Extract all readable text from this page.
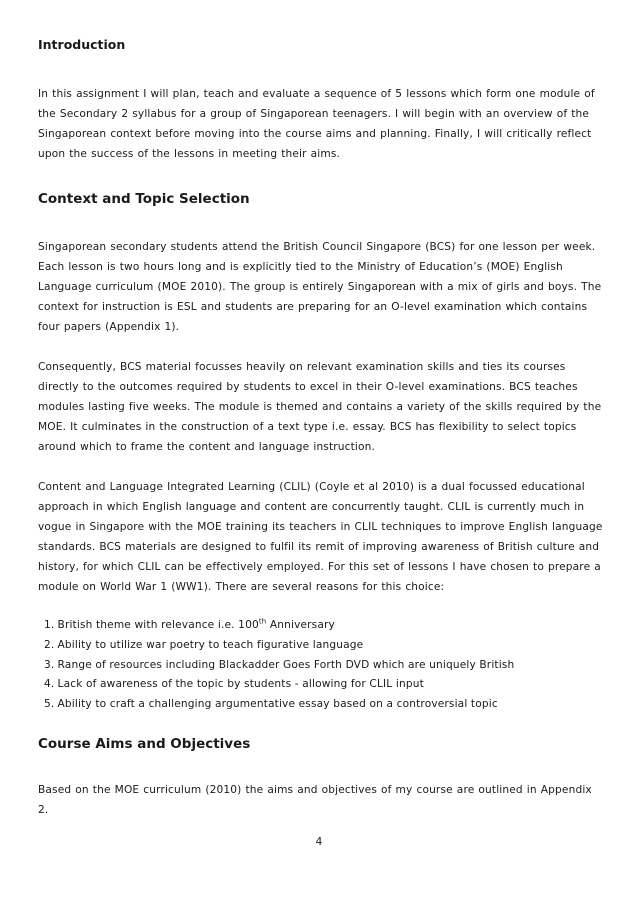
Introduction

In this assignment I will plan, teach and evaluate a sequence of 5 lessons which form one module of the Secondary 2 syllabus for a group of Singaporean teenagers. I will begin with an overview of the Singaporean context before moving into the course aims and planning. Finally, I will critically reflect upon the success of the lessons in meeting their aims.

Context and Topic Selection

Singaporean secondary students attend the British Council Singapore (BCS) for one lesson per week. Each lesson is two hours long and is explicitly tied to the Ministry of Education’s (MOE) English Language curriculum (MOE 2010). The group is entirely Singaporean with a mix of girls and boys. The context for instruction is ESL and students are preparing for an O-level examination which contains four papers (Appendix 1).

Consequently, BCS material focusses heavily on relevant examination skills and ties its courses directly to the outcomes required by students to excel in their O-level examinations. BCS teaches modules lasting five weeks. The module is themed and contains a variety of the skills required by the MOE. It culminates in the construction of a text type i.e. essay. BCS has flexibility to select topics around which to frame the content and language instruction.

Content and Language Integrated Learning (CLIL) (Coyle et al 2010) is a dual focussed educational approach in which English language and content are concurrently taught. CLIL is currently much in vogue in Singapore with the MOE training its teachers in CLIL techniques to improve English language standards. BCS materials are designed to fulfil its remit of improving awareness of British culture and history, for which CLIL can be effectively employed. For this set of lessons I have chosen to prepare a module on World War 1 (WW1). There are several reasons for this choice:

1. British theme with relevance i.e. 100th Anniversary
2. Ability to utilize war poetry to teach figurative language
3. Range of resources including Blackadder Goes Forth DVD which are uniquely British
4. Lack of awareness of the topic by students - allowing for CLIL input
5. Ability to craft a challenging argumentative essay based on a controversial topic
Course Aims and Objectives

Based on the MOE curriculum (2010) the aims and objectives of my course are outlined in Appendix 2.

4
